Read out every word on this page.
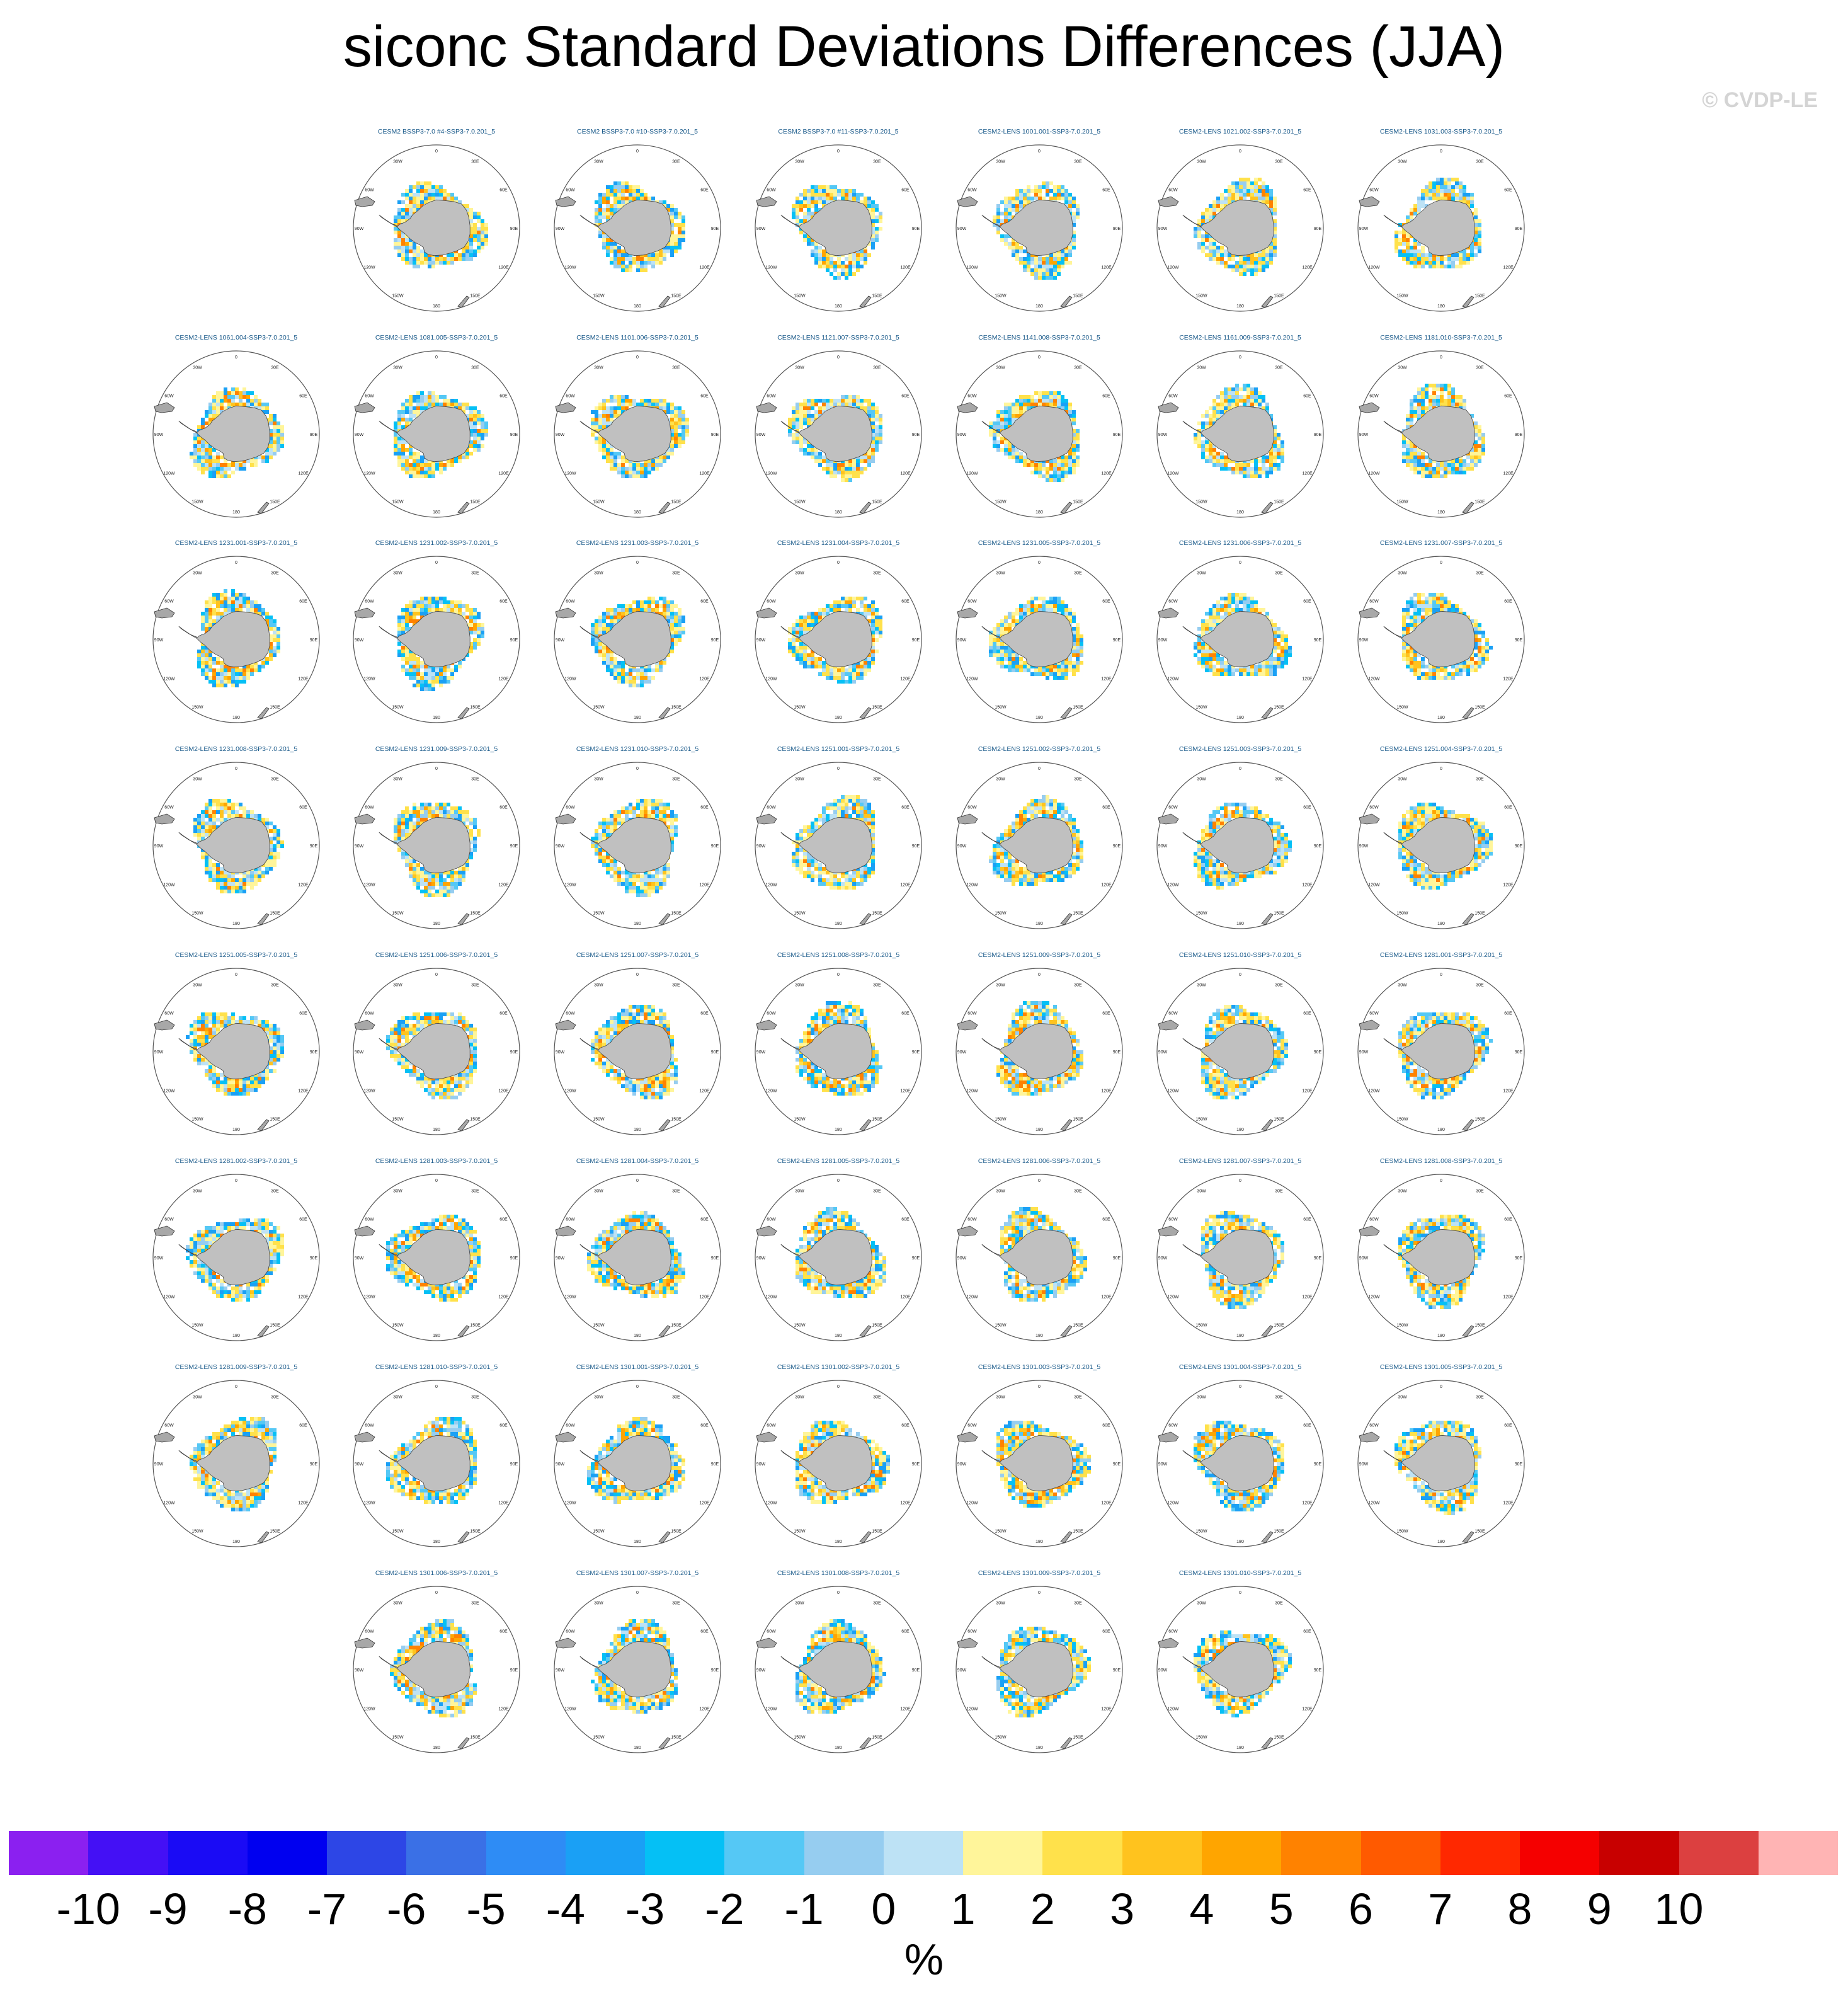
siconc Standard Deviations Differences (JJA)
© CVDP-LE
CESM2 BSSP3-7.0 #4-SSP3-7.0.201_5
0
30E
60E
90E
120E
150E
180
150W
120W
90W
60W
30W
CESM2 BSSP3-7.0 #10-SSP3-7.0.201_5
0
30E
60E
90E
120E
150E
180
150W
120W
90W
60W
30W
CESM2 BSSP3-7.0 #11-SSP3-7.0.201_5
0
30E
60E
90E
120E
150E
180
150W
120W
90W
60W
30W
CESM2-LENS 1001.001-SSP3-7.0.201_5
0
30E
60E
90E
120E
150E
180
150W
120W
90W
60W
30W
CESM2-LENS 1021.002-SSP3-7.0.201_5
0
30E
60E
90E
120E
150E
180
150W
120W
90W
60W
30W
CESM2-LENS 1031.003-SSP3-7.0.201_5
0
30E
60E
90E
120E
150E
180
150W
120W
90W
60W
30W
CESM2-LENS 1061.004-SSP3-7.0.201_5
0
30E
60E
90E
120E
150E
180
150W
120W
90W
60W
30W
CESM2-LENS 1081.005-SSP3-7.0.201_5
0
30E
60E
90E
120E
150E
180
150W
120W
90W
60W
30W
CESM2-LENS 1101.006-SSP3-7.0.201_5
0
30E
60E
90E
120E
150E
180
150W
120W
90W
60W
30W
CESM2-LENS 1121.007-SSP3-7.0.201_5
0
30E
60E
90E
120E
150E
180
150W
120W
90W
60W
30W
CESM2-LENS 1141.008-SSP3-7.0.201_5
0
30E
60E
90E
120E
150E
180
150W
120W
90W
60W
30W
CESM2-LENS 1161.009-SSP3-7.0.201_5
0
30E
60E
90E
120E
150E
180
150W
120W
90W
60W
30W
CESM2-LENS 1181.010-SSP3-7.0.201_5
0
30E
60E
90E
120E
150E
180
150W
120W
90W
60W
30W
CESM2-LENS 1231.001-SSP3-7.0.201_5
0
30E
60E
90E
120E
150E
180
150W
120W
90W
60W
30W
CESM2-LENS 1231.002-SSP3-7.0.201_5
0
30E
60E
90E
120E
150E
180
150W
120W
90W
60W
30W
CESM2-LENS 1231.003-SSP3-7.0.201_5
0
30E
60E
90E
120E
150E
180
150W
120W
90W
60W
30W
CESM2-LENS 1231.004-SSP3-7.0.201_5
0
30E
60E
90E
120E
150E
180
150W
120W
90W
60W
30W
CESM2-LENS 1231.005-SSP3-7.0.201_5
0
30E
60E
90E
120E
150E
180
150W
120W
90W
60W
30W
CESM2-LENS 1231.006-SSP3-7.0.201_5
0
30E
60E
90E
120E
150E
180
150W
120W
90W
60W
30W
CESM2-LENS 1231.007-SSP3-7.0.201_5
0
30E
60E
90E
120E
150E
180
150W
120W
90W
60W
30W
CESM2-LENS 1231.008-SSP3-7.0.201_5
0
30E
60E
90E
120E
150E
180
150W
120W
90W
60W
30W
CESM2-LENS 1231.009-SSP3-7.0.201_5
0
30E
60E
90E
120E
150E
180
150W
120W
90W
60W
30W
CESM2-LENS 1231.010-SSP3-7.0.201_5
0
30E
60E
90E
120E
150E
180
150W
120W
90W
60W
30W
CESM2-LENS 1251.001-SSP3-7.0.201_5
0
30E
60E
90E
120E
150E
180
150W
120W
90W
60W
30W
CESM2-LENS 1251.002-SSP3-7.0.201_5
0
30E
60E
90E
120E
150E
180
150W
120W
90W
60W
30W
CESM2-LENS 1251.003-SSP3-7.0.201_5
0
30E
60E
90E
120E
150E
180
150W
120W
90W
60W
30W
CESM2-LENS 1251.004-SSP3-7.0.201_5
0
30E
60E
90E
120E
150E
180
150W
120W
90W
60W
30W
CESM2-LENS 1251.005-SSP3-7.0.201_5
0
30E
60E
90E
120E
150E
180
150W
120W
90W
60W
30W
CESM2-LENS 1251.006-SSP3-7.0.201_5
0
30E
60E
90E
120E
150E
180
150W
120W
90W
60W
30W
CESM2-LENS 1251.007-SSP3-7.0.201_5
0
30E
60E
90E
120E
150E
180
150W
120W
90W
60W
30W
CESM2-LENS 1251.008-SSP3-7.0.201_5
0
30E
60E
90E
120E
150E
180
150W
120W
90W
60W
30W
CESM2-LENS 1251.009-SSP3-7.0.201_5
0
30E
60E
90E
120E
150E
180
150W
120W
90W
60W
30W
CESM2-LENS 1251.010-SSP3-7.0.201_5
0
30E
60E
90E
120E
150E
180
150W
120W
90W
60W
30W
CESM2-LENS 1281.001-SSP3-7.0.201_5
0
30E
60E
90E
120E
150E
180
150W
120W
90W
60W
30W
CESM2-LENS 1281.002-SSP3-7.0.201_5
0
30E
60E
90E
120E
150E
180
150W
120W
90W
60W
30W
CESM2-LENS 1281.003-SSP3-7.0.201_5
0
30E
60E
90E
120E
150E
180
150W
120W
90W
60W
30W
CESM2-LENS 1281.004-SSP3-7.0.201_5
0
30E
60E
90E
120E
150E
180
150W
120W
90W
60W
30W
CESM2-LENS 1281.005-SSP3-7.0.201_5
0
30E
60E
90E
120E
150E
180
150W
120W
90W
60W
30W
CESM2-LENS 1281.006-SSP3-7.0.201_5
0
30E
60E
90E
120E
150E
180
150W
120W
90W
60W
30W
CESM2-LENS 1281.007-SSP3-7.0.201_5
0
30E
60E
90E
120E
150E
180
150W
120W
90W
60W
30W
CESM2-LENS 1281.008-SSP3-7.0.201_5
0
30E
60E
90E
120E
150E
180
150W
120W
90W
60W
30W
CESM2-LENS 1281.009-SSP3-7.0.201_5
0
30E
60E
90E
120E
150E
180
150W
120W
90W
60W
30W
CESM2-LENS 1281.010-SSP3-7.0.201_5
0
30E
60E
90E
120E
150E
180
150W
120W
90W
60W
30W
CESM2-LENS 1301.001-SSP3-7.0.201_5
0
30E
60E
90E
120E
150E
180
150W
120W
90W
60W
30W
CESM2-LENS 1301.002-SSP3-7.0.201_5
0
30E
60E
90E
120E
150E
180
150W
120W
90W
60W
30W
CESM2-LENS 1301.003-SSP3-7.0.201_5
0
30E
60E
90E
120E
150E
180
150W
120W
90W
60W
30W
CESM2-LENS 1301.004-SSP3-7.0.201_5
0
30E
60E
90E
120E
150E
180
150W
120W
90W
60W
30W
CESM2-LENS 1301.005-SSP3-7.0.201_5
0
30E
60E
90E
120E
150E
180
150W
120W
90W
60W
30W
CESM2-LENS 1301.006-SSP3-7.0.201_5
0
30E
60E
90E
120E
150E
180
150W
120W
90W
60W
30W
CESM2-LENS 1301.007-SSP3-7.0.201_5
0
30E
60E
90E
120E
150E
180
150W
120W
90W
60W
30W
CESM2-LENS 1301.008-SSP3-7.0.201_5
0
30E
60E
90E
120E
150E
180
150W
120W
90W
60W
30W
CESM2-LENS 1301.009-SSP3-7.0.201_5
0
30E
60E
90E
120E
150E
180
150W
120W
90W
60W
30W
CESM2-LENS 1301.010-SSP3-7.0.201_5
0
30E
60E
90E
120E
150E
180
150W
120W
90W
60W
30W
-10 -9 -8 -7 -6 -5 -4 -3 -2 -1 0 1 2 3 4 5 6 7 8 9 10
%
